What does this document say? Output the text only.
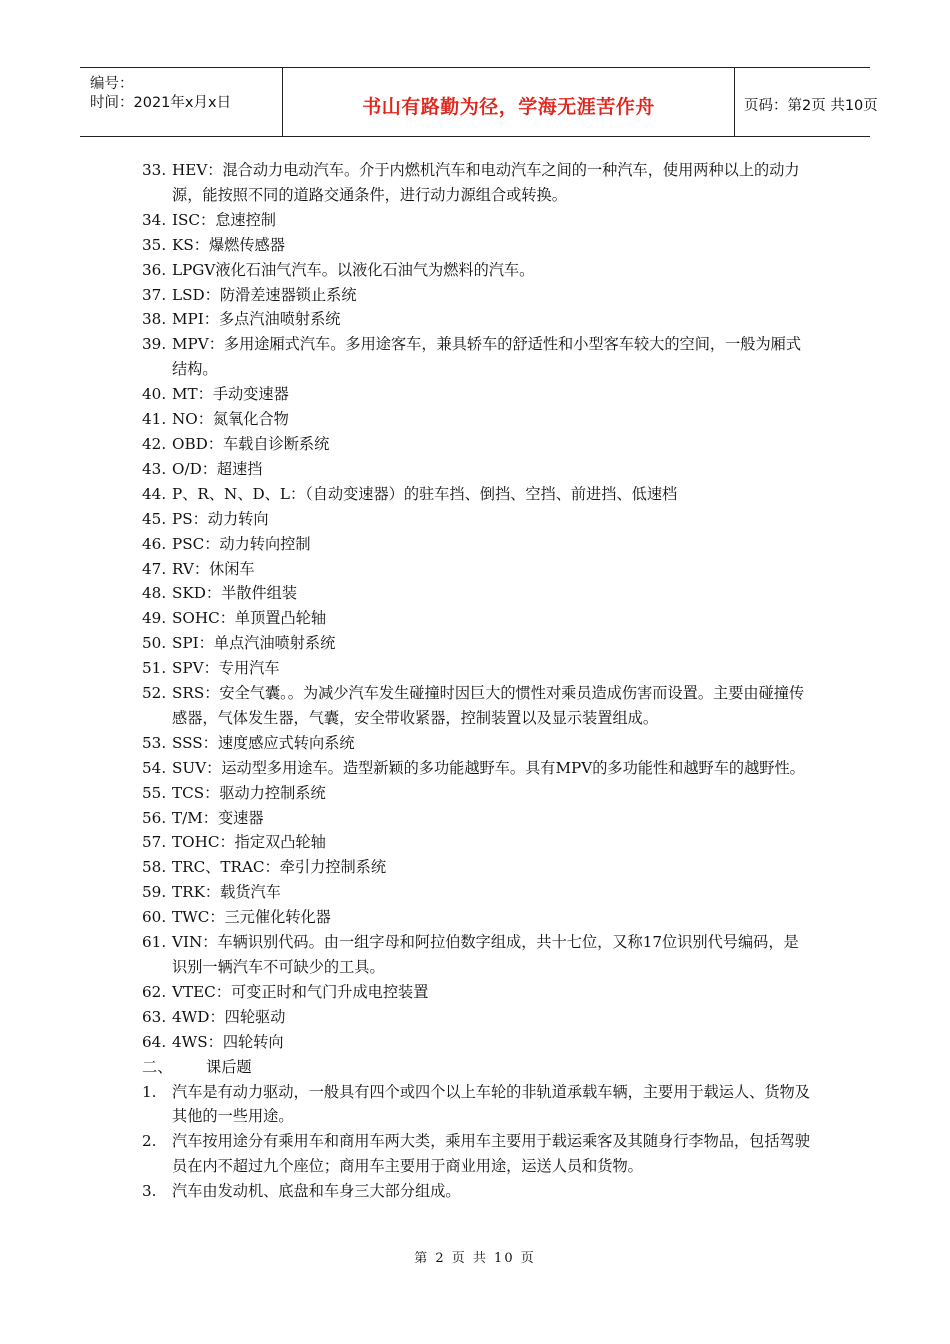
编号：
时间：2021年x月x日	书山有路勤为径，学海无涯苦作舟	页码：第2页 共10页
33. HEV：混合动力电动汽车。介于内燃机汽车和电动汽车之间的一种汽车，使用两种以上的动力源，能按照不同的道路交通条件，进行动力源组合或转换。
34. ISC：怠速控制
35. KS：爆燃传感器
36. LPGV液化石油气汽车。以液化石油气为燃料的汽车。
37. LSD：防滑差速器锁止系统
38. MPI：多点汽油喷射系统
39. MPV：多用途厢式汽车。多用途客车，兼具轿车的舒适性和小型客车较大的空间，一般为厢式结构。
40. MT：手动变速器
41. NO：氮氧化合物
42. OBD：车载自诊断系统
43. O/D：超速挡
44. P、R、N、D、L：（自动变速器）的驻车挡、倒挡、空挡、前进挡、低速档
45. PS：动力转向
46. PSC：动力转向控制
47. RV：休闲车
48. SKD：半散件组装
49. SOHC：单顶置凸轮轴
50. SPI：单点汽油喷射系统
51. SPV：专用汽车
52. SRS：安全气囊。。为减少汽车发生碰撞时因巨大的惯性对乘员造成伤害而设置。主要由碰撞传感器，气体发生器，气囊，安全带收紧器，控制装置以及显示装置组成。
53. SSS：速度感应式转向系统
54. SUV：运动型多用途车。造型新颖的多功能越野车。具有MPV的多功能性和越野车的越野性。
55. TCS：驱动力控制系统
56. T/M：变速器
57. TOHC：指定双凸轮轴
58. TRC、TRAC：牵引力控制系统
59. TRK：载货汽车
60. TWC：三元催化转化器
61. VIN：车辆识别代码。由一组字母和阿拉伯数字组成，共十七位，又称17位识别代号编码，是识别一辆汽车不可缺少的工具。
62. VTEC：可变正时和气门升成电控装置
63. 4WD：四轮驱动
64. 4WS：四轮转向
二、 课后题
1. 汽车是有动力驱动，一般具有四个或四个以上车轮的非轨道承载车辆，主要用于载运人、货物及其他的一些用途。
2. 汽车按用途分有乘用车和商用车两大类，乘用车主要用于载运乘客及其随身行李物品，包括驾驶员在内不超过九个座位；商用车主要用于商业用途，运送人员和货物。
3. 汽车由发动机、底盘和车身三大部分组成。
第 2 页 共 10 页
